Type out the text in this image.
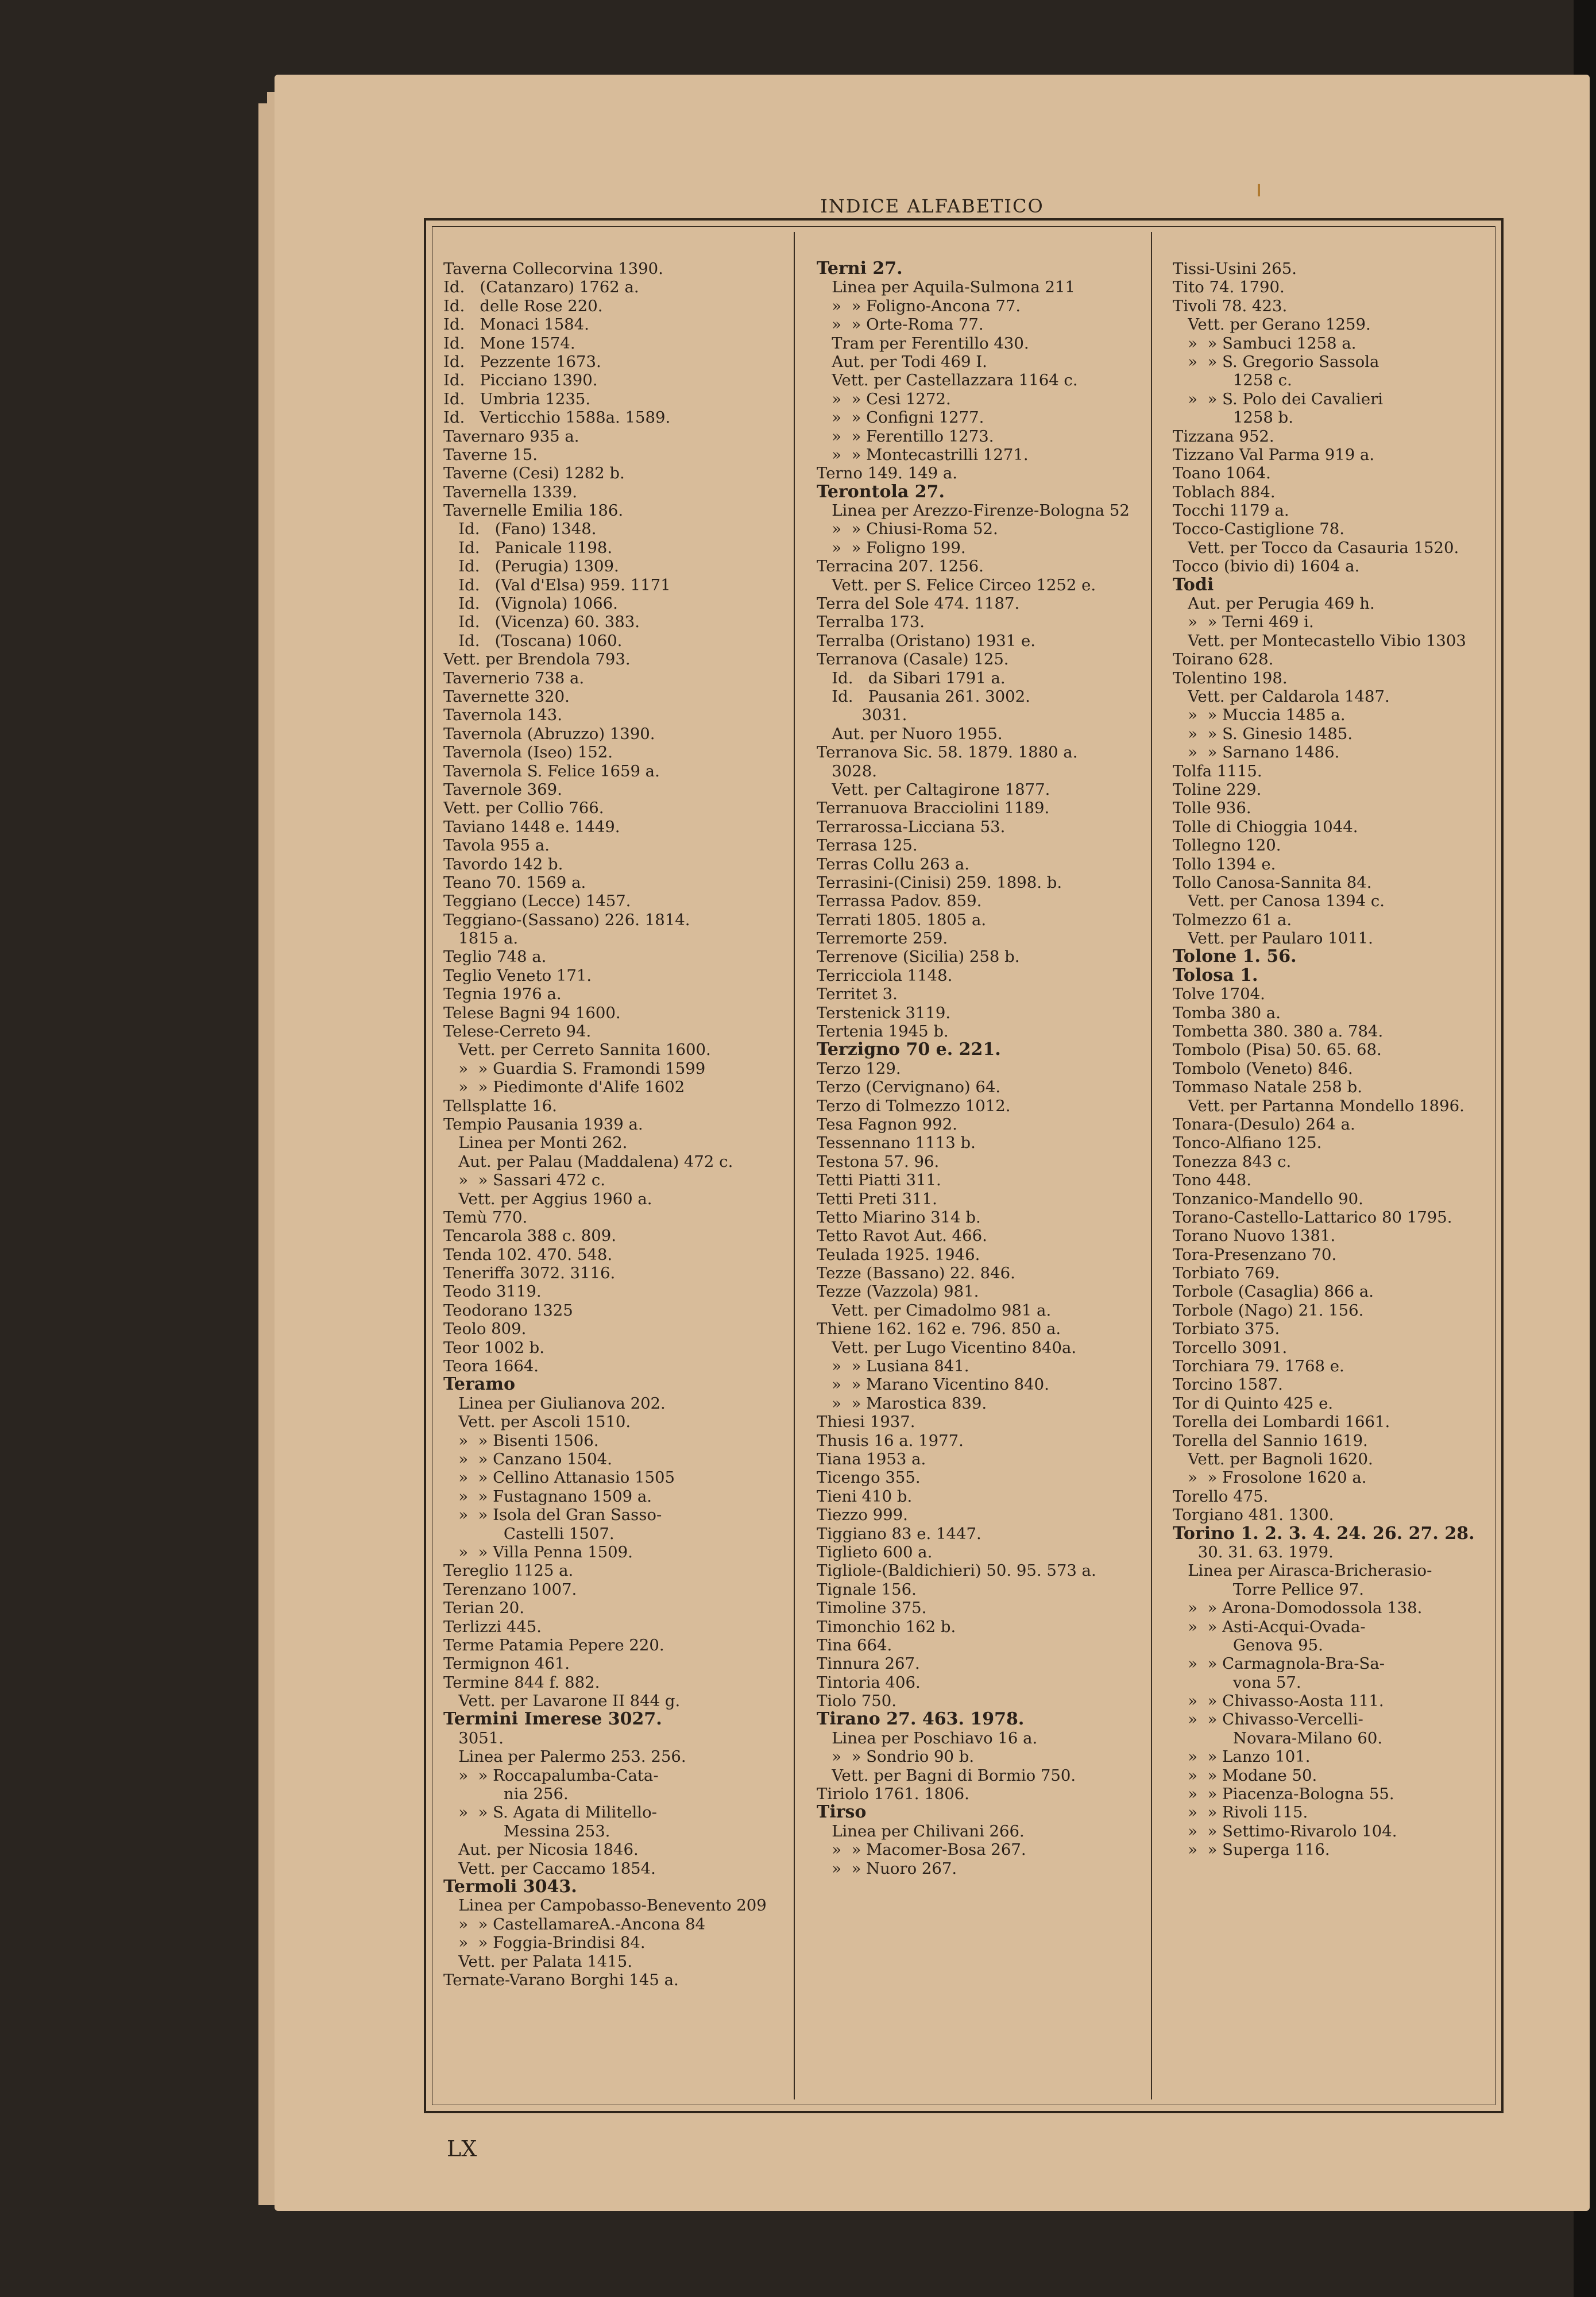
INDICE ALFABETICO
Taverna Collecorvina 1390.
Id.   (Catanzaro) 1762 a.
Id.   delle Rose 220.
Id.   Monaci 1584.
Id.   Mone 1574.
Id.   Pezzente 1673.
Id.   Picciano 1390.
Id.   Umbria 1235.
Id.   Verticchio 1588a. 1589.
Tavernaro 935 a.
Taverne 15.
Taverne (Cesi) 1282 b.
Tavernella 1339.
Tavernelle Emilia 186.
Id.   (Fano) 1348.
Id.   Panicale 1198.
Id.   (Perugia) 1309.
Id.   (Val d'Elsa) 959. 1171
Id.   (Vignola) 1066.
Id.   (Vicenza) 60. 383.
Id.   (Toscana) 1060.
Vett. per Brendola 793.
Tavernerio 738 a.
Tavernette 320.
Tavernola 143.
Tavernola (Abruzzo) 1390.
Tavernola (Iseo) 152.
Tavernola S. Felice 1659 a.
Tavernole 369.
Vett. per Collio 766.
Taviano 1448 e. 1449.
Tavola 955 a.
Tavordo 142 b.
Teano 70. 1569 a.
Teggiano (Lecce) 1457.
Teggiano-(Sassano) 226. 1814.
1815 a.
Teglio 748 a.
Teglio Veneto 171.
Tegnia 1976 a.
Telese Bagni 94 1600.
Telese-Cerreto 94.
Vett. per Cerreto Sannita 1600.
»  » Guardia S. Framondi 1599
»  » Piedimonte d'Alife 1602
Tellsplatte 16.
Tempio Pausania 1939 a.
Linea per Monti 262.
Aut. per Palau (Maddalena) 472 c.
»  » Sassari 472 c.
Vett. per Aggius 1960 a.
Temù 770.
Tencarola 388 c. 809.
Tenda 102. 470. 548.
Teneriffa 3072. 3116.
Teodo 3119.
Teodorano 1325
Teolo 809.
Teor 1002 b.
Teora 1664.
Teramo
Linea per Giulianova 202.
Vett. per Ascoli 1510.
»  » Bisenti 1506.
»  » Canzano 1504.
»  » Cellino Attanasio 1505
»  » Fustagnano 1509 a.
»  » Isola del Gran Sasso-
Castelli 1507.
»  » Villa Penna 1509.
Tereglio 1125 a.
Terenzano 1007.
Terian 20.
Terlizzi 445.
Terme Patamia Pepere 220.
Termignon 461.
Termine 844 f. 882.
Vett. per Lavarone II 844 g.
Termini Imerese 3027.
3051.
Linea per Palermo 253. 256.
»  » Roccapalumba-Cata-
nia 256.
»  » S. Agata di Militello-
Messina 253.
Aut. per Nicosia 1846.
Vett. per Caccamo 1854.
Termoli 3043.
Linea per Campobasso-Benevento 209
»  » CastellamareA.-Ancona 84
»  » Foggia-Brindisi 84.
Vett. per Palata 1415.
Ternate-Varano Borghi 145 a.
Terni 27.
Linea per Aquila-Sulmona 211
»  » Foligno-Ancona 77.
»  » Orte-Roma 77.
Tram per Ferentillo 430.
Aut. per Todi 469 I.
Vett. per Castellazzara 1164 c.
»  » Cesi 1272.
»  » Configni 1277.
»  » Ferentillo 1273.
»  » Montecastrilli 1271.
Terno 149. 149 a.
Terontola 27.
Linea per Arezzo-Firenze-Bologna 52
»  » Chiusi-Roma 52.
»  » Foligno 199.
Terracina 207. 1256.
Vett. per S. Felice Circeo 1252 e.
Terra del Sole 474. 1187.
Terralba 173.
Terralba (Oristano) 1931 e.
Terranova (Casale) 125.
Id.   da Sibari 1791 a.
Id.   Pausania 261. 3002.
3031.
Aut. per Nuoro 1955.
Terranova Sic. 58. 1879. 1880 a.
3028.
Vett. per Caltagirone 1877.
Terranuova Bracciolini 1189.
Terrarossa-Licciana 53.
Terrasa 125.
Terras Collu 263 a.
Terrasini-(Cinisi) 259. 1898. b.
Terrassa Padov. 859.
Terrati 1805. 1805 a.
Terremorte 259.
Terrenove (Sicilia) 258 b.
Terricciola 1148.
Territet 3.
Terstenick 3119.
Tertenia 1945 b.
Terzigno 70 e. 221.
Terzo 129.
Terzo (Cervignano) 64.
Terzo di Tolmezzo 1012.
Tesa Fagnon 992.
Tessennano 1113 b.
Testona 57. 96.
Tetti Piatti 311.
Tetti Preti 311.
Tetto Miarino 314 b.
Tetto Ravot Aut. 466.
Teulada 1925. 1946.
Tezze (Bassano) 22. 846.
Tezze (Vazzola) 981.
Vett. per Cimadolmo 981 a.
Thiene 162. 162 e. 796. 850 a.
Vett. per Lugo Vicentino 840a.
»  » Lusiana 841.
»  » Marano Vicentino 840.
»  » Marostica 839.
Thiesi 1937.
Thusis 16 a. 1977.
Tiana 1953 a.
Ticengo 355.
Tieni 410 b.
Tiezzo 999.
Tiggiano 83 e. 1447.
Tiglieto 600 a.
Tigliole-(Baldichieri) 50. 95. 573 a.
Tignale 156.
Timoline 375.
Timonchio 162 b.
Tina 664.
Tinnura 267.
Tintoria 406.
Tiolo 750.
Tirano 27. 463. 1978.
Linea per Poschiavo 16 a.
»  » Sondrio 90 b.
Vett. per Bagni di Bormio 750.
Tiriolo 1761. 1806.
Tirso
Linea per Chilivani 266.
»  » Macomer-Bosa 267.
»  » Nuoro 267.
Tissi-Usini 265.
Tito 74. 1790.
Tivoli 78. 423.
Vett. per Gerano 1259.
»  » Sambuci 1258 a.
»  » S. Gregorio Sassola
1258 c.
»  » S. Polo dei Cavalieri
1258 b.
Tizzana 952.
Tizzano Val Parma 919 a.
Toano 1064.
Toblach 884.
Tocchi 1179 a.
Tocco-Castiglione 78.
Vett. per Tocco da Casauria 1520.
Tocco (bivio di) 1604 a.
Todi
Aut. per Perugia 469 h.
»  » Terni 469 i.
Vett. per Montecastello Vibio 1303
Toirano 628.
Tolentino 198.
Vett. per Caldarola 1487.
»  » Muccia 1485 a.
»  » S. Ginesio 1485.
»  » Sarnano 1486.
Tolfa 1115.
Toline 229.
Tolle 936.
Tolle di Chioggia 1044.
Tollegno 120.
Tollo 1394 e.
Tollo Canosa-Sannita 84.
Vett. per Canosa 1394 c.
Tolmezzo 61 a.
Vett. per Paularo 1011.
Tolone 1. 56.
Tolosa 1.
Tolve 1704.
Tomba 380 a.
Tombetta 380. 380 a. 784.
Tombolo (Pisa) 50. 65. 68.
Tombolo (Veneto) 846.
Tommaso Natale 258 b.
Vett. per Partanna Mondello 1896.
Tonara-(Desulo) 264 a.
Tonco-Alfiano 125.
Tonezza 843 c.
Tono 448.
Tonzanico-Mandello 90.
Torano-Castello-Lattarico 80 1795.
Torano Nuovo 1381.
Tora-Presenzano 70.
Torbiato 769.
Torbole (Casaglia) 866 a.
Torbole (Nago) 21. 156.
Torbiato 375.
Torcello 3091.
Torchiara 79. 1768 e.
Torcino 1587.
Tor di Quinto 425 e.
Torella dei Lombardi 1661.
Torella del Sannio 1619.
Vett. per Bagnoli 1620.
»  » Frosolone 1620 a.
Torello 475.
Torgiano 481. 1300.
Torino 1. 2. 3. 4. 24. 26. 27. 28.
30. 31. 63. 1979.
Linea per Airasca-Bricherasio-
Torre Pellice 97.
»  » Arona-Domodossola 138.
»  » Asti-Acqui-Ovada-
Genova 95.
»  » Carmagnola-Bra-Sa-
vona 57.
»  » Chivasso-Aosta 111.
»  » Chivasso-Vercelli-
Novara-Milano 60.
»  » Lanzo 101.
»  » Modane 50.
»  » Piacenza-Bologna 55.
»  » Rivoli 115.
»  » Settimo-Rivarolo 104.
»  » Superga 116.
LX
